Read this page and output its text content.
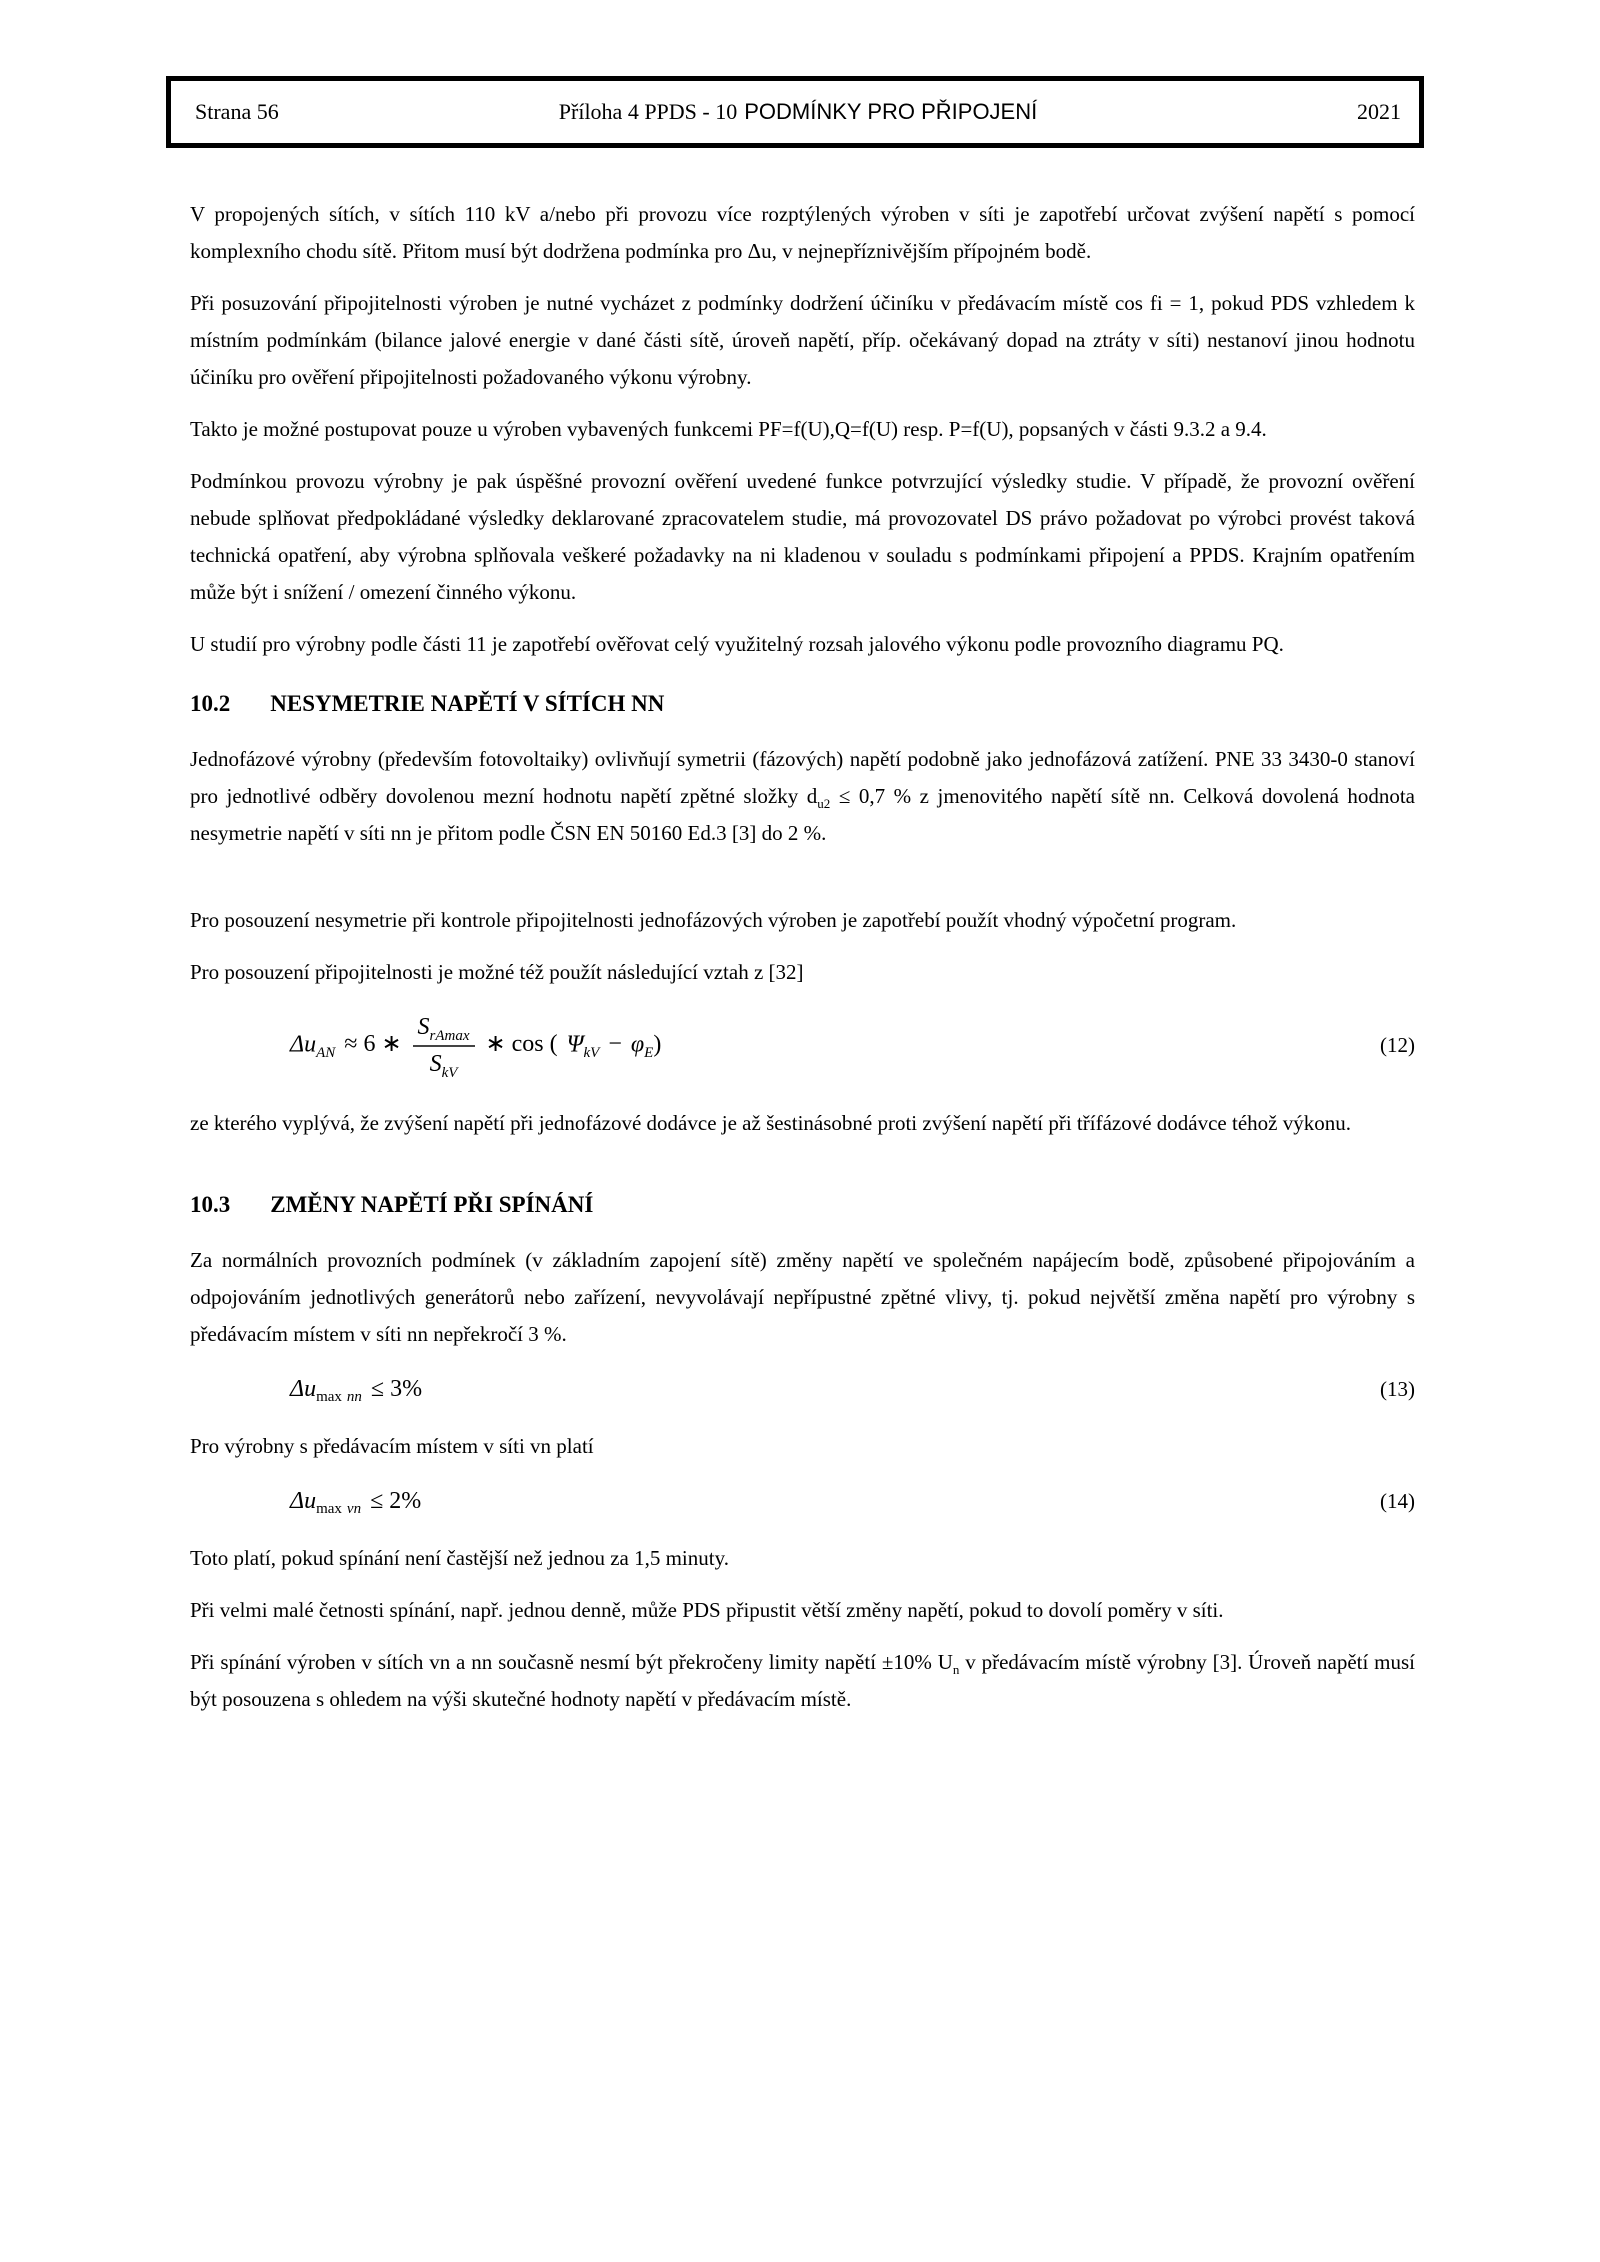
Strana 56	Příloha 4 PPDS - 10 PODMÍNKY PRO PŘIPOJENÍ	2021

V propojených sítích, v sítích 110 kV a/nebo při provozu více rozptýlených výroben v síti je zapotřebí určovat zvýšení napětí s pomocí komplexního chodu sítě. Přitom musí být dodržena podmínka pro Δu, v nejnepříznivějším přípojném bodě.

Při posuzování připojitelnosti výroben je nutné vycházet z podmínky dodržení účiníku v předávacím místě cos fi = 1, pokud PDS vzhledem k místním podmínkám (bilance jalové energie v dané části sítě, úroveň napětí, příp. očekávaný dopad na ztráty v síti) nestanoví jinou hodnotu účiníku pro ověření připojitelnosti požadovaného výkonu výrobny.

Takto je možné postupovat pouze u výroben vybavených funkcemi PF=f(U),Q=f(U) resp. P=f(U), popsaných v části 9.3.2 a 9.4.

Podmínkou provozu výrobny je pak úspěšné provozní ověření uvedené funkce potvrzující výsledky studie. V případě, že provozní ověření nebude splňovat předpokládané výsledky deklarované zpracovatelem studie, má provozovatel DS právo požadovat po výrobci provést taková technická opatření, aby výrobna splňovala veškeré požadavky na ni kladenou v souladu s podmínkami připojení a PPDS. Krajním opatřením může být i snížení / omezení činného výkonu.

U studií pro výrobny podle části 11 je zapotřebí ověřovat celý využitelný rozsah jalového výkonu podle provozního diagramu PQ.

10.2 NESYMETRIE NAPĚTÍ V SÍTÍCH NN

Jednofázové výrobny (především fotovoltaiky) ovlivňují symetrii (fázových) napětí podobně jako jednofázová zatížení. PNE 33 3430-0 stanoví pro jednotlivé odběry dovolenou mezní hodnotu napětí zpětné složky $d_{u2} \le 0,7$ % z jmenovitého napětí sítě nn. Celková dovolená hodnota nesymetrie napětí v síti nn je přitom podle ČSN EN 50160 Ed.3 [3] do 2 %.

Pro posouzení nesymetrie při kontrole připojitelnosti jednofázových výroben je zapotřebí použít vhodný výpočetní program.

Pro posouzení připojitelnosti je možné též použít následující vztah z [32]

$\Delta u_{AN} \approx 6$ ∗ $\frac{S_{rAmax}}{S_{kV}}$ ∗ cos ( $\Psi_{kV} - \varphi_E$)	(12)

ze kterého vyplývá, že zvýšení napětí při jednofázové dodávce je až šestinásobné proti zvýšení napětí při třífázové dodávce téhož výkonu.

10.3 ZMĚNY NAPĚTÍ PŘI SPÍNÁNÍ

Za normálních provozních podmínek (v základním zapojení sítě) změny napětí ve společném napájecím bodě, způsobené připojováním a odpojováním jednotlivých generátorů nebo zařízení, nevyvolávají nepřípustné zpětné vlivy, tj. pokud největší změna napětí pro výrobny s předávacím místem v síti nn nepřekročí 3 %.

$\Delta u_{max nn} \le 3\%$	(13)

Pro výrobny s předávacím místem v síti vn platí

$\Delta u_{max vn} \le 2\%$	(14)

Toto platí, pokud spínání není častější než jednou za 1,5 minuty.

Při velmi malé četnosti spínání, např. jednou denně, může PDS připustit větší změny napětí, pokud to dovolí poměry v síti.

Při spínání výroben v sítích vn a nn současně nesmí být překročeny limity napětí ±10% $U_n$ v předávacím místě výrobny [3]. Úroveň napětí musí být posouzena s ohledem na výši skutečné hodnoty napětí v předávacím místě.
